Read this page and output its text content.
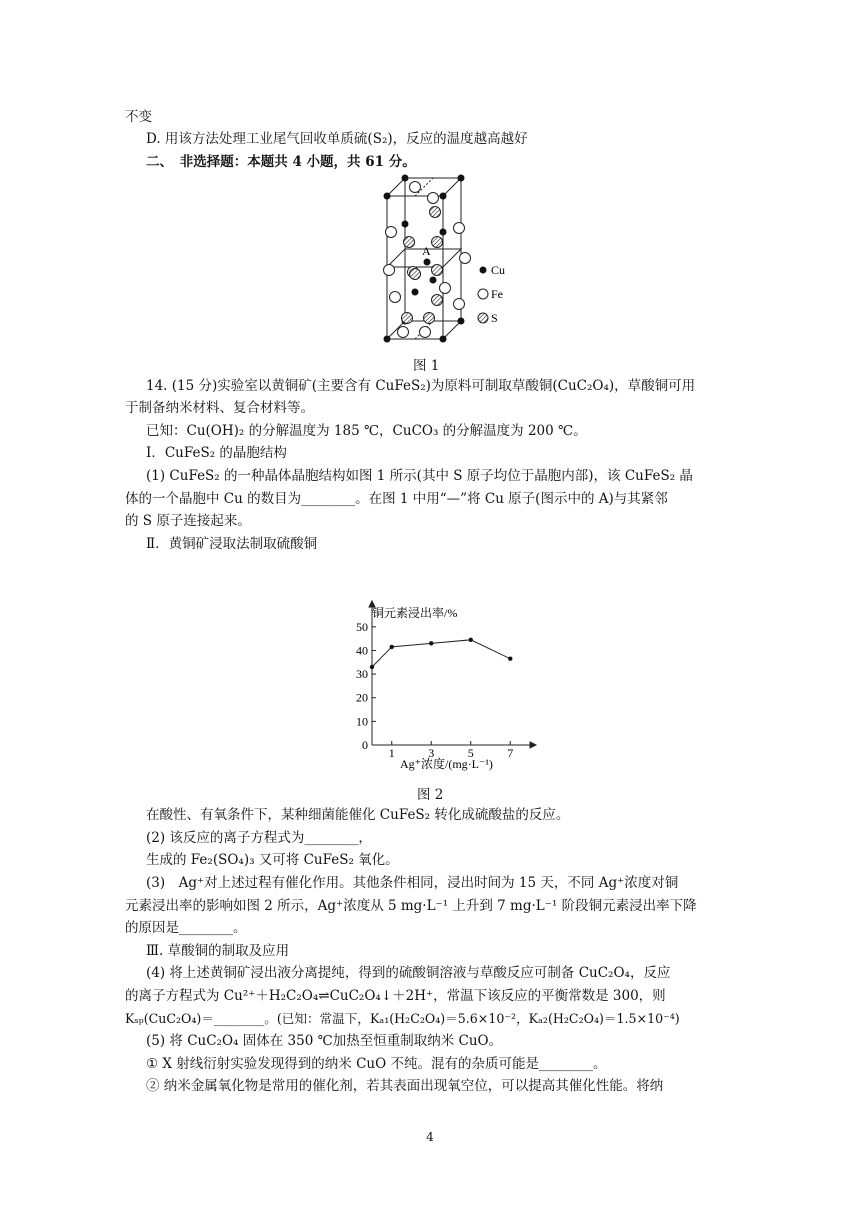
不变
D. 用该方法处理工业尾气回收单质硫(S₂)，反应的温度越高越好
二、　非选择题：本题共 4 小题，共 61 分。
A
Cu
Fe
S
图 1
14. (15 分)实验室以黄铜矿(主要含有 CuFeS₂)为原料可制取草酸铜(CuC₂O₄)，草酸铜可用
于制备纳米材料、复合材料等。
已知：Cu(OH)₂ 的分解温度为 185 ℃，CuCO₃ 的分解温度为 200 ℃。
Ⅰ．CuFeS₂ 的晶胞结构
(1) CuFeS₂ 的一种晶体晶胞结构如图 1 所示(其中 S 原子均位于晶胞内部)，该 CuFeS₂ 晶
体的一个晶胞中 Cu 的数目为________。在图 1 中用“—”将 Cu 原子(图示中的 A)与其紧邻
的 S 原子连接起来。
Ⅱ．黄铜矿浸取法制取硫酸铜
0
10
20
30
40
50
1	3	5	7
铜元素浸出率/%
Ag⁺浓度/(mg·L⁻¹)
图 2
在酸性、有氧条件下，某种细菌能催化 CuFeS₂ 转化成硫酸盐的反应。
(2) 该反应的离子方程式为________，
生成的 Fe₂(SO₄)₃ 又可将 CuFeS₂ 氧化。
(3)　Ag⁺对上述过程有催化作用。其他条件相同，浸出时间为 15 天，不同 Ag⁺浓度对铜
元素浸出率的影响如图 2 所示，Ag⁺浓度从 5 mg·L⁻¹ 上升到 7 mg·L⁻¹ 阶段铜元素浸出率下降
的原因是________。
Ⅲ. 草酸铜的制取及应用
(4) 将上述黄铜矿浸出液分离提纯，得到的硫酸铜溶液与草酸反应可制备 CuC₂O₄，反应
的离子方程式为 Cu²⁺＋H₂C₂O₄⇌CuC₂O₄↓＋2H⁺，常温下该反应的平衡常数是 300，则
Kₛₚ(CuC₂O₄)＝________。(已知：常温下，Kₐ₁(H₂C₂O₄)＝5.6×10⁻²，Kₐ₂(H₂C₂O₄)＝1.5×10⁻⁴)
(5) 将 CuC₂O₄ 固体在 350 ℃加热至恒重制取纳米 CuO。
① X 射线衍射实验发现得到的纳米 CuO 不纯。混有的杂质可能是________。
② 纳米金属氧化物是常用的催化剂，若其表面出现氧空位，可以提高其催化性能。将纳
4
